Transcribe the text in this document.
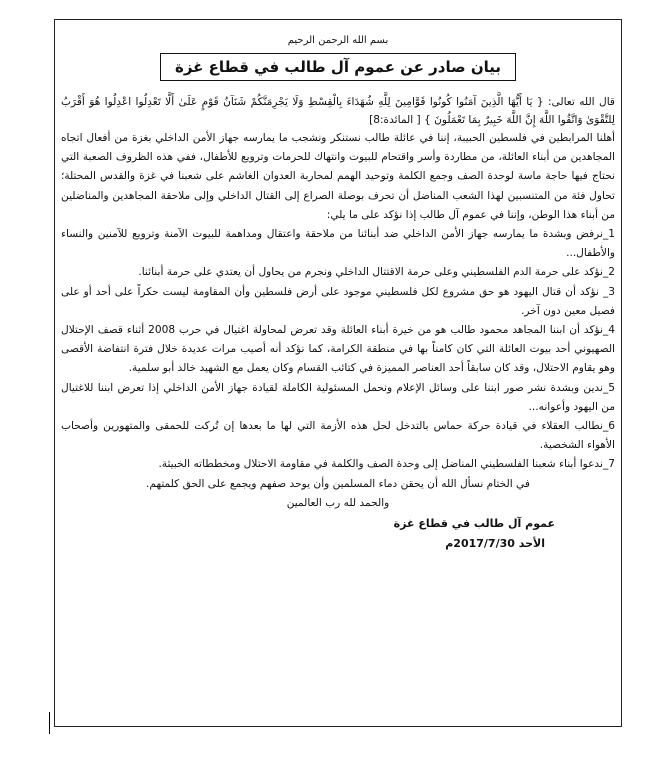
بسم الله الرحمن الرحيم
بيان صادر عن عموم آل طالب في قطاع غزة

قال الله تعالى: { يَا أَيُّهَا الَّذِينَ آمَنُوا كُونُوا قَوَّامِينَ لِلَّهِ شُهَدَاءَ بِالْقِسْطِ وَلَا يَجْرِمَنَّكُمْ شَنَآنُ قَوْمٍ عَلَىٰ أَلَّا تَعْدِلُوا اعْدِلُوا هُوَ أَقْرَبُ لِلتَّقْوَىٰ وَاتَّقُوا اللَّهَ إِنَّ اللَّهَ خَبِيرٌ بِمَا تَعْمَلُونَ } [ المائدة:8]

أهلنا المرابطين في فلسطين الحبيبة، إننا في عائلة طالب نستنكر ونشجب ما يمارسه جهاز الأمن الداخلي بغزة من أفعال اتجاه المجاهدين من أبناء العائلة، من مطاردة وأسر واقتحام للبيوت وانتهاك للحرمات وترويع للأطفال، ففي هذه الظروف الصعبة التي نحتاج فيها حاجة ماسة لوحدة الصف وجمع الكلمة وتوحيد الهمم لمحاربة العدوان الغاشم على شعبنا في غزة والقدس المحتلة؛ تحاول فئة من المتنسبين لهذا الشعب المناضل أن تحرف بوصلة الصراع إلى القتال الداخلي وإلى ملاحقة المجاهدين والمناضلين من أبناء هذا الوطن، وإننا في عموم آل طالب إذا نؤكد على ما يلي:

1_نرفض وبشدة ما يمارسه جهاز الأمن الداخلي ضد أبنائنا من ملاحقة واعتقال ومداهمة للبيوت الآمنة وترويع للآمنين والنساء والأطفال...

2_نؤكد على حرمة الدم الفلسطيني وعلى حرمة الاقتتال الداخلي ونجرم من يحاول أن يعتدي على حرمة أبنائنا.

3_ نؤكد أن قتال اليهود هو حق مشروع لكل فلسطيني موجود على أرض فلسطين وأن المقاومة ليست حكراً على أحد أو على فصيل معين دون آخر.

4_نؤكد أن ابننا المجاهد محمود طالب هو من خيرة أبناء العائلة وقد تعرض لمحاولة اغتيال في حرب 2008 أثناء قصف الإحتلال الصهيوني أحد بيوت العائلة التي كان كامناً بها في منطقة الكرامة، كما نؤكد أنه أصيب مرات عديدة خلال فترة انتفاضة الأقصى وهو يقاوم الاحتلال، وقد كان سابقاً أحد العناصر المميزة في كتائب القسام وكان يعمل مع الشهيد خالد أبو سلمية.

5_ندين وبشدة نشر صور ابننا على وسائل الإعلام ونحمل المسئولية الكاملة لقيادة جهاز الأمن الداخلي إذا تعرض ابننا للاغتيال من اليهود وأعوانه...

6_نطالب العقلاء في قيادة حركة حماس بالتدخل لحل هذه الأزمة التي لها ما بعدها إن تُركت للحمقى والمتهورين وأصحاب الأهواء الشخصية.

7_ندعوا أبناء شعبنا الفلسطيني المناضل إلى وحدة الصف والكلمة في مقاومة الاحتلال ومخططاته الخبيثة.

في الختام نسأل الله أن يحقن دماء المسلمين وأن يوحد صفهم ويجمع على الحق كلمتهم.

والحمد لله رب العالمين
عموم آل طالب في قطاع غزة
الأحد 2017/7/30م
